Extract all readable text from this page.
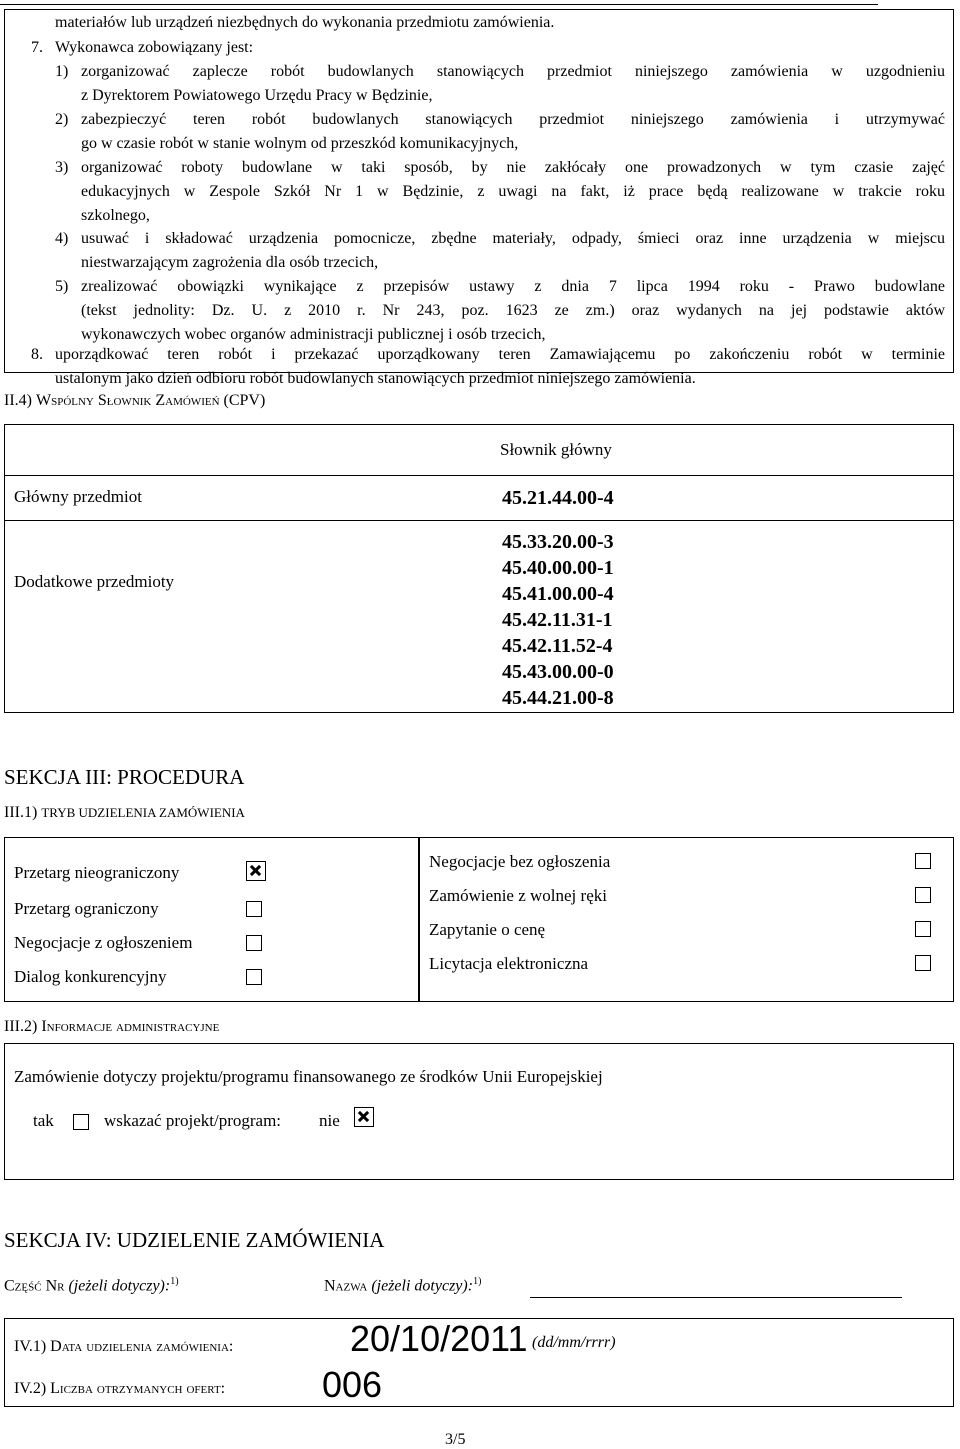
materiałów lub urządzeń niezbędnych do wykonania przedmiotu zamówienia.
7. Wykonawca zobowiązany jest:
1) zorganizować zaplecze robót budowlanych stanowiących przedmiot niniejszego zamówienia w uzgodnieniu
z Dyrektorem Powiatowego Urzędu Pracy w Będzinie,
2) zabezpieczyć teren robót budowlanych stanowiących przedmiot niniejszego zamówienia i utrzymywać
go w czasie robót w stanie wolnym od przeszkód komunikacyjnych,
3) organizować roboty budowlane w taki sposób, by nie zakłócały one prowadzonych w tym czasie zajęć
edukacyjnych w Zespole Szkół Nr 1 w Będzinie, z uwagi na fakt, iż prace będą realizowane w trakcie roku
szkolnego,
4) usuwać i składować urządzenia pomocnicze, zbędne materiały, odpady, śmieci oraz inne urządzenia w miejscu
niestwarzającym zagrożenia dla osób trzecich,
5) zrealizować obowiązki wynikające z przepisów ustawy z dnia 7 lipca 1994 roku - Prawo budowlane
(tekst jednolity: Dz. U. z 2010 r. Nr 243, poz. 1623 ze zm.) oraz wydanych na jej podstawie aktów
wykonawczych wobec organów administracji publicznej i osób trzecich,
8. uporządkować teren robót i przekazać uporządkowany teren Zamawiającemu po zakończeniu robót w terminie
ustalonym jako dzień odbioru robót budowlanych stanowiących przedmiot niniejszego zamówienia.
II.4) Wspólny Słownik Zamówień (CPV)
Słownik główny
Główny przedmiot	45.21.44.00-4
Dodatkowe przedmioty
45.33.20.00-3
45.40.00.00-1
45.41.00.00-4
45.42.11.31-1
45.42.11.52-4
45.43.00.00-0
45.44.21.00-8
SEKCJA III: PROCEDURA
III.1) TRYB UDZIELENIA ZAMÓWIENIA
Przetarg nieograniczony
Przetarg ograniczony
Negocjacje z ogłoszeniem
Dialog konkurencyjny
Negocjacje bez ogłoszenia
Zamówienie z wolnej ręki
Zapytanie o cenę
Licytacja elektroniczna
III.2) Informacje administracyjne
Zamówienie dotyczy projektu/programu finansowanego ze środków Unii Europejskiej
tak	wskazać projekt/program: nie
SEKCJA IV: UDZIELENIE ZAMÓWIENIA
Część Nr (jeżeli dotyczy):$^{1)}$	Nazwa (jeżeli dotyczy):$^{1)}$
IV.1) Data udzielenia zamówienia:	20/10/2011 (dd/mm/rrrr)
IV.2) Liczba otrzymanych ofert:	006
3/5
